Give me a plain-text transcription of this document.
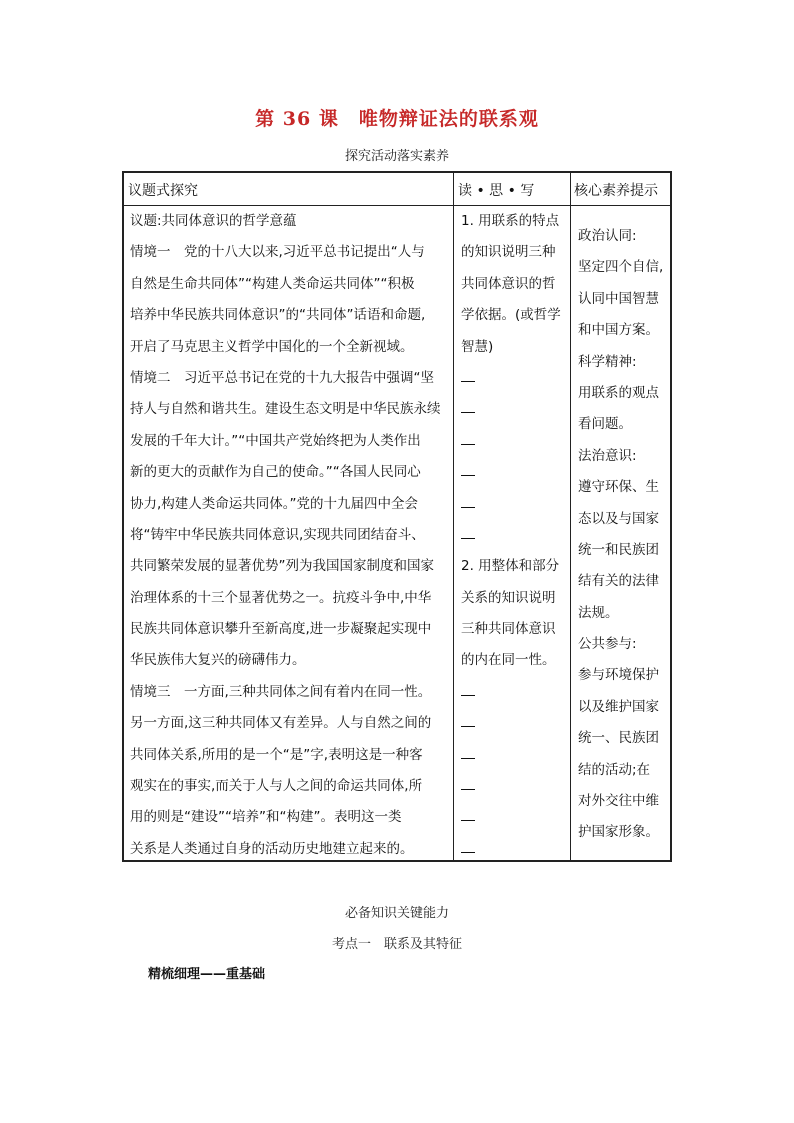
第 36 课　唯物辩证法的联系观
探究活动落实素养
议题式探究	读 • 思 • 写	核心素养提示
议题:共同体意识的哲学意蕴
情境一　党的十八大以来,习近平总书记提出“人与
自然是生命共同体”“构建人类命运共同体”“积极
培养中华民族共同体意识”的“共同体”话语和命题,
开启了马克思主义哲学中国化的一个全新视域。
情境二　习近平总书记在党的十九大报告中强调“坚
持人与自然和谐共生。建设生态文明是中华民族永续
发展的千年大计。”“中国共产党始终把为人类作出
新的更大的贡献作为自己的使命。”“各国人民同心
协力,构建人类命运共同体。”党的十九届四中全会
将“铸牢中华民族共同体意识,实现共同团结奋斗、
共同繁荣发展的显著优势”列为我国国家制度和国家
治理体系的十三个显著优势之一。抗疫斗争中,中华
民族共同体意识攀升至新高度,进一步凝聚起实现中
华民族伟大复兴的磅礴伟力。
情境三　一方面,三种共同体之间有着内在同一性。
另一方面,这三种共同体又有差异。人与自然之间的
共同体关系,所用的是一个“是”字,表明这是一种客
观实在的事实,而关于人与人之间的命运共同体,所
用的则是“建设”“培养”和“构建”。表明这一类
关系是人类通过自身的活动历史地建立起来的。
1. 用联系的特点
的知识说明三种
共同体意识的哲
学依据。(或哲学
智慧)
2. 用整体和部分
关系的知识说明
三种共同体意识
的内在同一性。
政治认同:
坚定四个自信,
认同中国智慧
和中国方案。
科学精神:
用联系的观点
看问题。
法治意识:
遵守环保、生
态以及与国家
统一和民族团
结有关的法律
法规。
公共参与:
参与环境保护
以及维护国家
统一、民族团
结的活动;在
对外交往中维
护国家形象。
必备知识关键能力
考点一　联系及其特征
精梳细理——重基础
